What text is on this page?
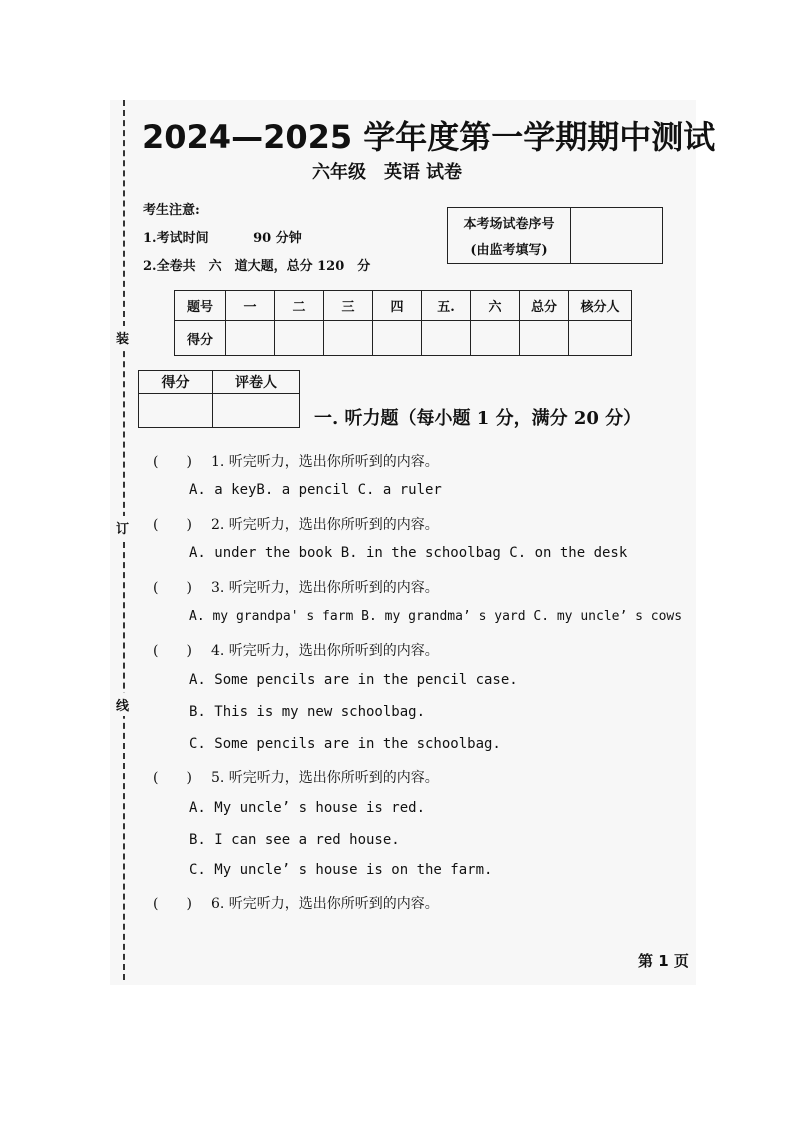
装
订
线
2024—2025 学年度第一学期期中测试
六年级 英语 试卷
考生注意:
1.考试时间	90 分钟
2.全卷共　六　道大题，总分 120　分
本考场试卷序号
(由监考填写)
题号	一	二	三	四	五.	六	总分	核分人
得分								
得分	评卷人

一. 听力题（每小题 1 分，满分 20 分）
(　　) 1. 听完听力，选出你所听到的内容。
A. a keyB. a pencil C. a ruler
(　　) 2. 听完听力，选出你所听到的内容。
A. under the book B. in the schoolbag C. on the desk
(　　) 3. 听完听力，选出你所听到的内容。
A. my grandpa' s farm B. my grandma’ s yard C. my uncle’ s cows
(　　) 4. 听完听力，选出你所听到的内容。
A. Some pencils are in the pencil case.
B. This is my new schoolbag.
C. Some pencils are in the schoolbag.
(　　) 5. 听完听力，选出你所听到的内容。
A. My uncle’ s house is red.
B. I can see a red house.
C. My uncle’ s house is on the farm.
(　　) 6. 听完听力，选出你所听到的内容。
第 1 页
